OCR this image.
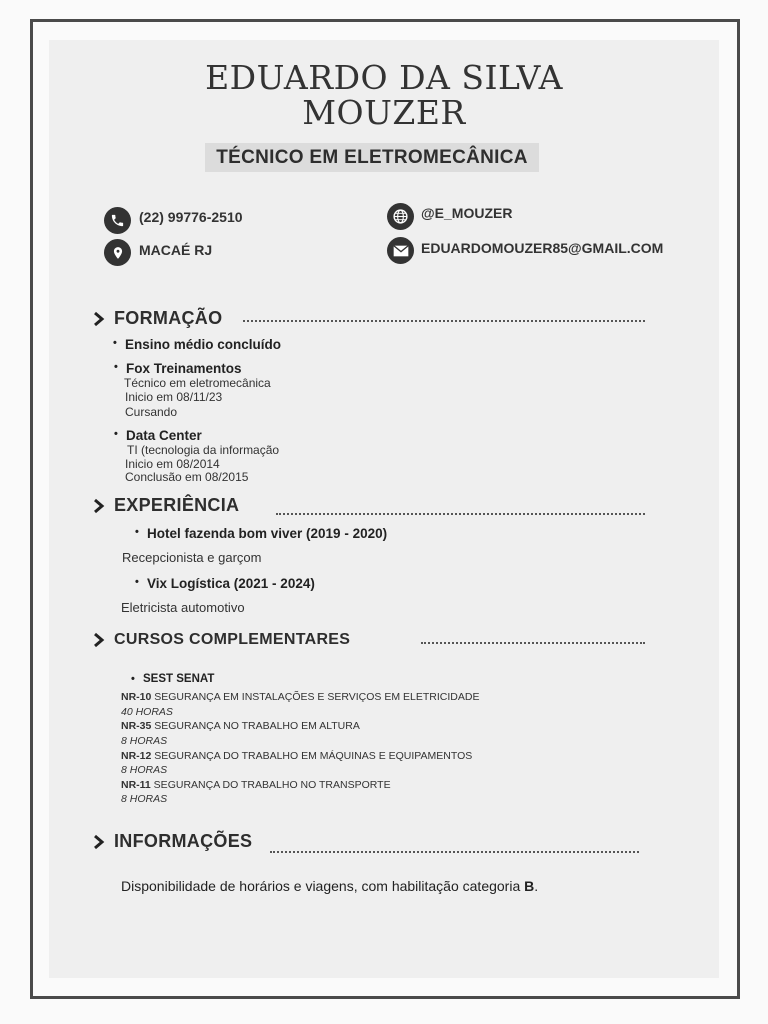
EDUARDO DA SILVA
MOUZER
TÉCNICO EM ELETROMECÂNICA
(22) 99776-2510
MACAÉ RJ
@E_MOUZER
EDUARDOMOUZER85@GMAIL.COM
FORMAÇÃO
• Ensino médio concluído
• Fox Treinamentos
Técnico em eletromecânica
Inicio em 08/11/23
Cursando
• Data Center
TI (tecnologia da informação
Inicio em 08/2014
Conclusão em 08/2015
EXPERIÊNCIA
• Hotel fazenda bom viver (2019 - 2020)
Recepcionista e garçom
• Vix Logística (2021 - 2024)
Eletricista automotivo
CURSOS COMPLEMENTARES
• SEST SENAT
NR-10 SEGURANÇA EM INSTALAÇÕES E SERVIÇOS EM ELETRICIDADE
40 HORAS
NR-35 SEGURANÇA NO TRABALHO EM ALTURA
8 HORAS
NR-12 SEGURANÇA DO TRABALHO EM MÁQUINAS E EQUIPAMENTOS
8 HORAS
NR-11 SEGURANÇA DO TRABALHO NO TRANSPORTE
8 HORAS
INFORMAÇÕES
Disponibilidade de horários e viagens, com habilitação categoria B.
